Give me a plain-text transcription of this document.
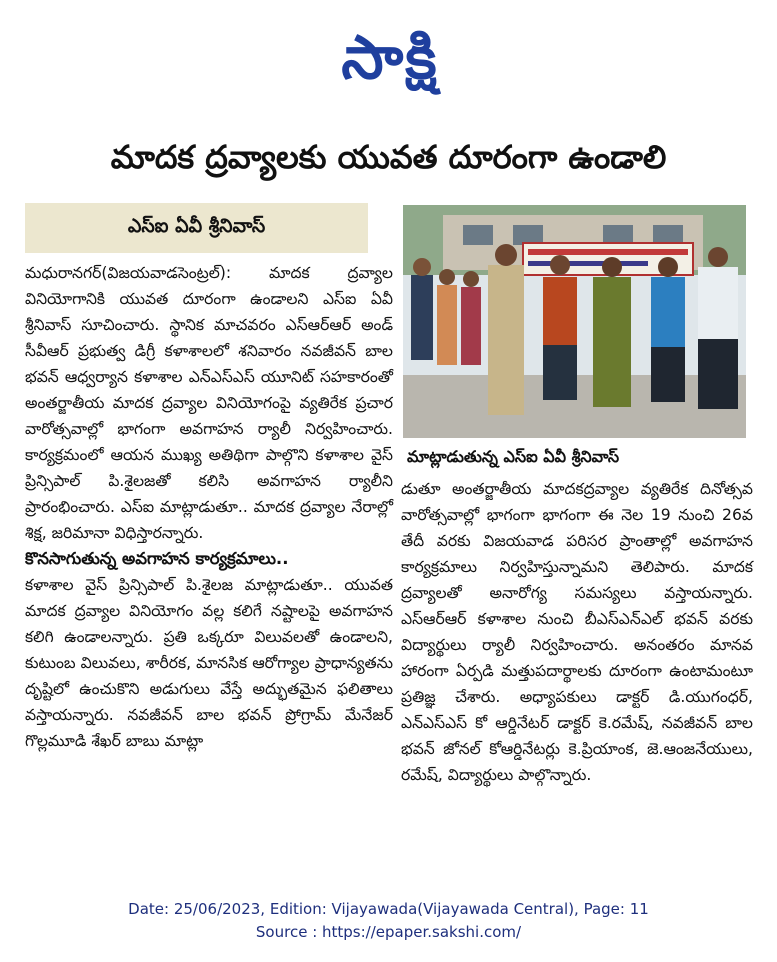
సాక్షి
మాదక ద్రవ్యాలకు యువత దూరంగా ఉండాలి
ఎస్ఐ ఏవీ శ్రీనివాస్

మధురానగర్(విజయవాడసెంట్రల్): మాదక ద్రవ్యాల వినియోగానికి యువత దూరంగా ఉండాలని ఎస్ఐ ఏవీ శ్రీనివాస్ సూచించారు. స్థానిక మాచవరం ఎస్ఆర్ఆర్ అండ్ సీవీఆర్ ప్రభుత్వ డిగ్రీ కళాశాలలో శనివారం నవజీవన్ బాల భవన్ ఆధ్వర్యాన కళాశాల ఎన్ఎస్ఎస్ యూనిట్ సహకారంతో అంతర్జాతీయ మాదక ద్రవ్యాల వినియోగంపై వ్యతిరేక ప్రచార వారోత్సవాల్లో భాగంగా అవగాహన ర్యాలీ నిర్వహించారు. కార్యక్రమంలో ఆయన ముఖ్య అతిథిగా పాల్గొని కళాశాల వైస్ ప్రిన్సిపాల్ పి.శైలజతో కలిసి అవగాహన ర్యాలీని ప్రారంభించారు. ఎస్ఐ మాట్లాడుతూ.. మాదక ద్రవ్యాల నేరాల్లో శిక్ష, జరిమానా విధిస్తారన్నారు.

కొనసాగుతున్న అవగాహన కార్యక్రమాలు..

కళాశాల వైస్ ప్రిన్సిపాల్ పి.శైలజ మాట్లాడుతూ.. యువత మాదక ద్రవ్యాల వినియోగం వల్ల కలిగే నష్టాలపై అవగాహన కలిగి ఉండాలన్నారు. ప్రతి ఒక్కరూ విలువలతో ఉండాలని, కుటుంబ విలువలు, శారీరక, మానసిక ఆరోగ్యాల ప్రాధాన్యతను దృష్టిలో ఉంచుకొని అడుగులు వేస్తే అద్భుతమైన ఫలితాలు వస్తాయన్నారు. నవజీవన్ బాల భవన్ ప్రోగ్రామ్ మేనేజర్ గొల్లమూడి శేఖర్ బాబు మాట్లా

మాట్లాడుతున్న ఎస్ఐ ఏవీ శ్రీనివాస్

డుతూ అంతర్జాతీయ మాదకద్రవ్యాల వ్యతిరేక దినోత్సవ వారోత్సవాల్లో భాగంగా భాగంగా ఈ నెల 19 నుంచి 26వ తేదీ వరకు విజయవాడ పరిసర ప్రాంతాల్లో అవగాహన కార్యక్రమాలు నిర్వహిస్తున్నామని తెలిపారు. మాదక ద్రవ్యాలతో అనారోగ్య సమస్యలు వస్తాయన్నారు. ఎస్ఆర్ఆర్ కళాశాల నుంచి బీఎస్ఎన్ఎల్ భవన్ వరకు విద్యార్థులు ర్యాలీ నిర్వహించారు. అనంతరం మానవ హారంగా ఏర్పడి మత్తుపదార్థాలకు దూరంగా ఉంటామంటూ ప్రతిజ్ఞ చేశారు. అధ్యాపకులు డాక్టర్ డి.యుగంధర్, ఎన్ఎస్ఎస్ కో ఆర్డినేటర్ డాక్టర్ కె.రమేష్, నవజీవన్ బాల భవన్ జోనల్ కోఆర్డినేటర్లు కె.ప్రియాంక, జె.ఆంజనేయులు, రమేష్, విద్యార్థులు పాల్గొన్నారు.

Date: 25/06/2023, Edition: Vijayawada(Vijayawada Central), Page: 11
Source : https://epaper.sakshi.com/
